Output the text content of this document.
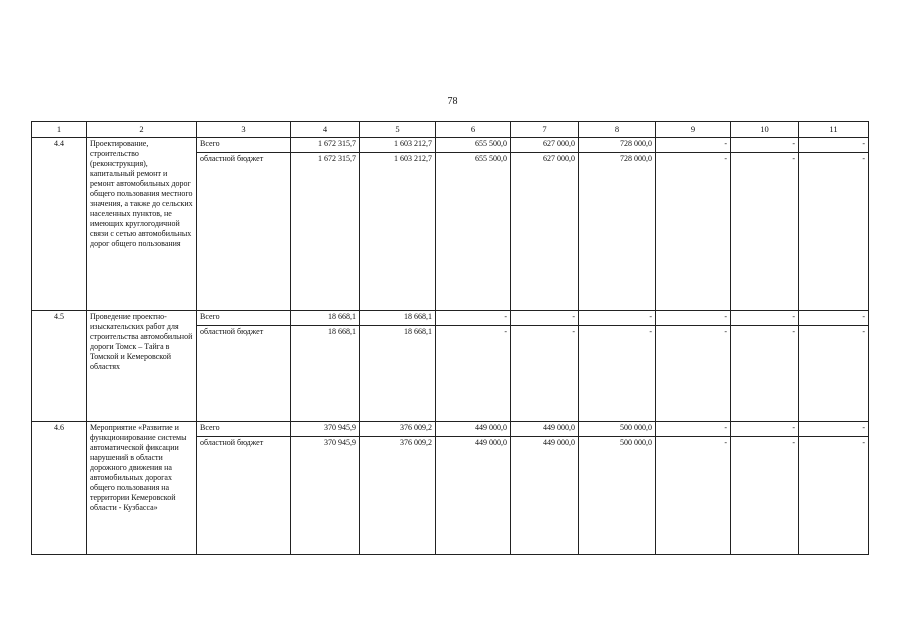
78
1	2	3	4	5	6	7	8	9	10	11
4.4	Проектирование, строительство (реконструкция), капитальный ремонт и ремонт автомобильных дорог общего пользования местного значения, а также до сельских населенных пунктов, не имеющих круглогодичной связи с сетью автомобильных дорог общего пользования	Всего	1 672 315,7	1 603 212,7	655 500,0	627 000,0	728 000,0	-	-	-
		областной бюджет	1 672 315,7	1 603 212,7	655 500,0	627 000,0	728 000,0	-	-	-
4.5	Проведение проектно-изыскательских работ для строительства автомобильной дороги Томск – Тайга в Томской и Кемеровской областях	Всего	18 668,1	18 668,1	-	-	-	-	-	-
		областной бюджет	18 668,1	18 668,1	-	-	-	-	-	-
4.6	Мероприятие «Развитие и функционирование системы автоматической фиксации нарушений в области дорожного движения на автомобильных дорогах общего пользования на территории Кемеровской области - Кузбасса»	Всего	370 945,9	376 009,2	449 000,0	449 000,0	500 000,0	-	-	-
		областной бюджет	370 945,9	376 009,2	449 000,0	449 000,0	500 000,0	-	-	-
